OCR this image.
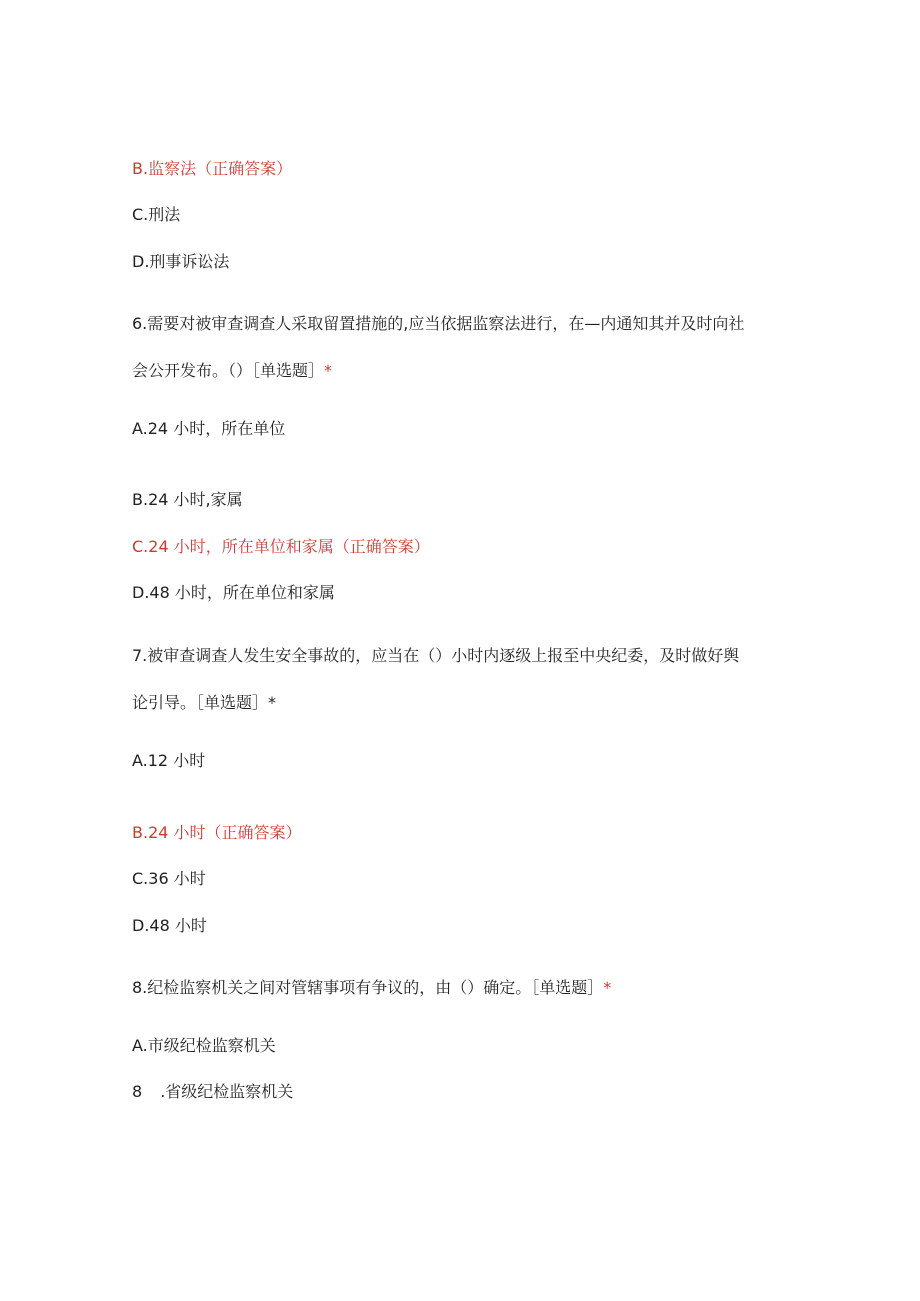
B.监察法（正确答案）
C.刑法
D.刑事诉讼法
6.需要对被审查调查人采取留置措施的,应当依据监察法进行，在—内通知其并及时向社
会公开发布。（）［单选题］*
A.24 小时，所在单位
B.24 小时,家属
C.24 小时，所在单位和家属（正确答案）
D.48 小时，所在单位和家属
7.被审查调查人发生安全事故的，应当在（）小时内逐级上报至中央纪委，及时做好舆
论引导。［单选题］*
A.12 小时
B.24 小时（正确答案）
C.36 小时
D.48 小时
8.纪检监察机关之间对管辖事项有争议的，由（）确定。［单选题］*
A.市级纪检监察机关
8 .省级纪检监察机关
